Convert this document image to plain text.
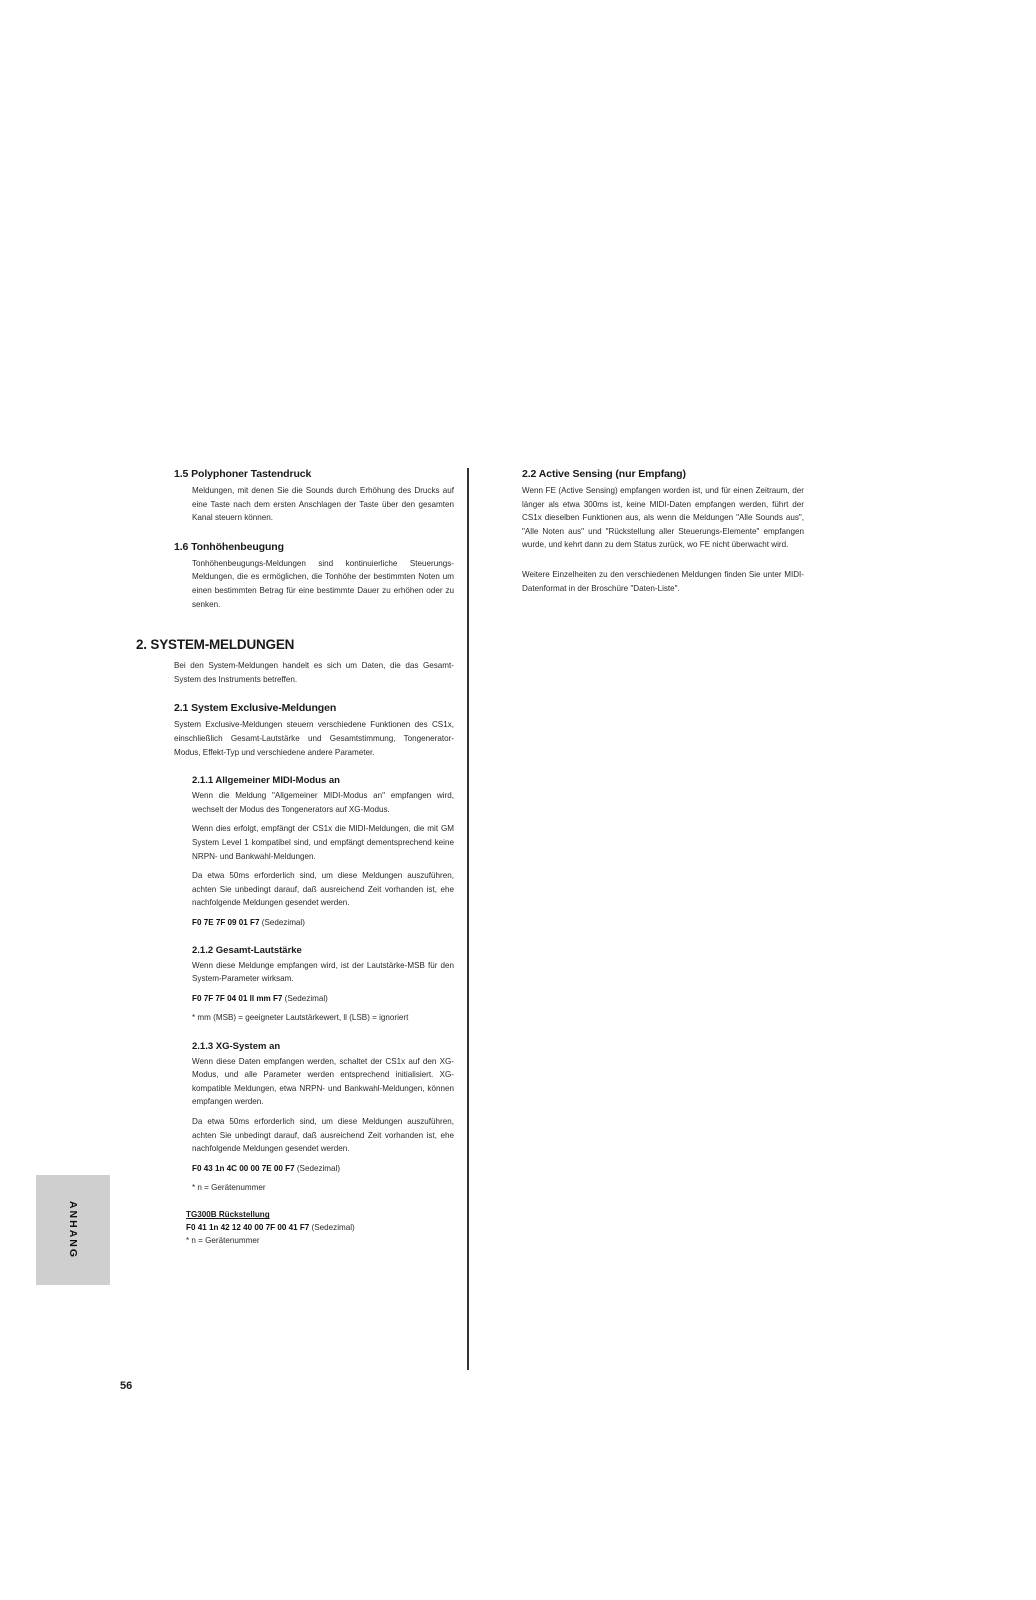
1.5 Polyphoner Tastendruck

Meldungen, mit denen Sie die Sounds durch Erhöhung des Drucks auf eine Taste nach dem ersten Anschlagen der Taste über den gesamten Kanal steuern können.

1.6 Tonhöhenbeugung

Tonhöhenbeugungs-Meldungen sind kontinuierliche Steuerungs-Meldungen, die es ermöglichen, die Tonhöhe der bestimmten Noten um einen bestimmten Betrag für eine bestimmte Dauer zu erhöhen oder zu senken.

2. SYSTEM-MELDUNGEN

Bei den System-Meldungen handelt es sich um Daten, die das Gesamt-System des Instruments betreffen.

2.1 System Exclusive-Meldungen

System Exclusive-Meldungen steuern verschiedene Funktionen des CS1x, einschließlich Gesamt-Lautstärke und Gesamtstimmung, Tongenerator-Modus, Effekt-Typ und verschiedene andere Parameter.

2.1.1 Allgemeiner MIDI-Modus an

Wenn die Meldung "Allgemeiner MIDI-Modus an" empfangen wird, wechselt der Modus des Tongenerators auf XG-Modus.

Wenn dies erfolgt, empfängt der CS1x die MIDI-Meldungen, die mit GM System Level 1 kompatibel sind, und empfängt dementsprechend keine NRPN- und Bankwahl-Meldungen.

Da etwa 50ms erforderlich sind, um diese Meldungen auszuführen, achten Sie unbedingt darauf, daß ausreichend Zeit vorhanden ist, ehe nachfolgende Meldungen gesendet werden.

F0 7E 7F 09 01 F7 (Sedezimal)
2.1.2 Gesamt-Lautstärke

Wenn diese Meldunge empfangen wird, ist der Lautstärke-MSB für den System-Parameter wirksam.

F0 7F 7F 04 01 ll mm F7 (Sedezimal)

* mm (MSB) = geeigneter Lautstärkewert, ll (LSB) = ignoriert

2.1.3 XG-System an

Wenn diese Daten empfangen werden, schaltet der CS1x auf den XG-Modus, und alle Parameter werden entsprechend initialisiert. XG-kompatible Meldungen, etwa NRPN- und Bankwahl-Meldungen, können empfangen werden.

Da etwa 50ms erforderlich sind, um diese Meldungen auszuführen, achten Sie unbedingt darauf, daß ausreichend Zeit vorhanden ist, ehe nachfolgende Meldungen gesendet werden.

F0 43 1n 4C 00 00 7E 00 F7 (Sedezimal)

* n = Gerätenummer

TG300B Rückstellung
F0 41 1n 42 12 40 00 7F 00 41 F7 (Sedezimal)

* n = Gerätenummer

2.2 Active Sensing (nur Empfang)

Wenn FE (Active Sensing) empfangen worden ist, und für einen Zeitraum, der länger als etwa 300ms ist, keine MIDI-Daten empfangen werden, führt der CS1x dieselben Funktionen aus, als wenn die Meldungen "Alle Sounds aus", "Alle Noten aus" und "Rückstellung aller Steuerungs-Elemente" empfangen wurde, und kehrt dann zu dem Status zurück, wo FE nicht überwacht wird.

Weitere Einzelheiten zu den verschiedenen Meldungen finden Sie unter MIDI-Datenformat in der Broschüre "Daten-Liste".

ANHANG
56
